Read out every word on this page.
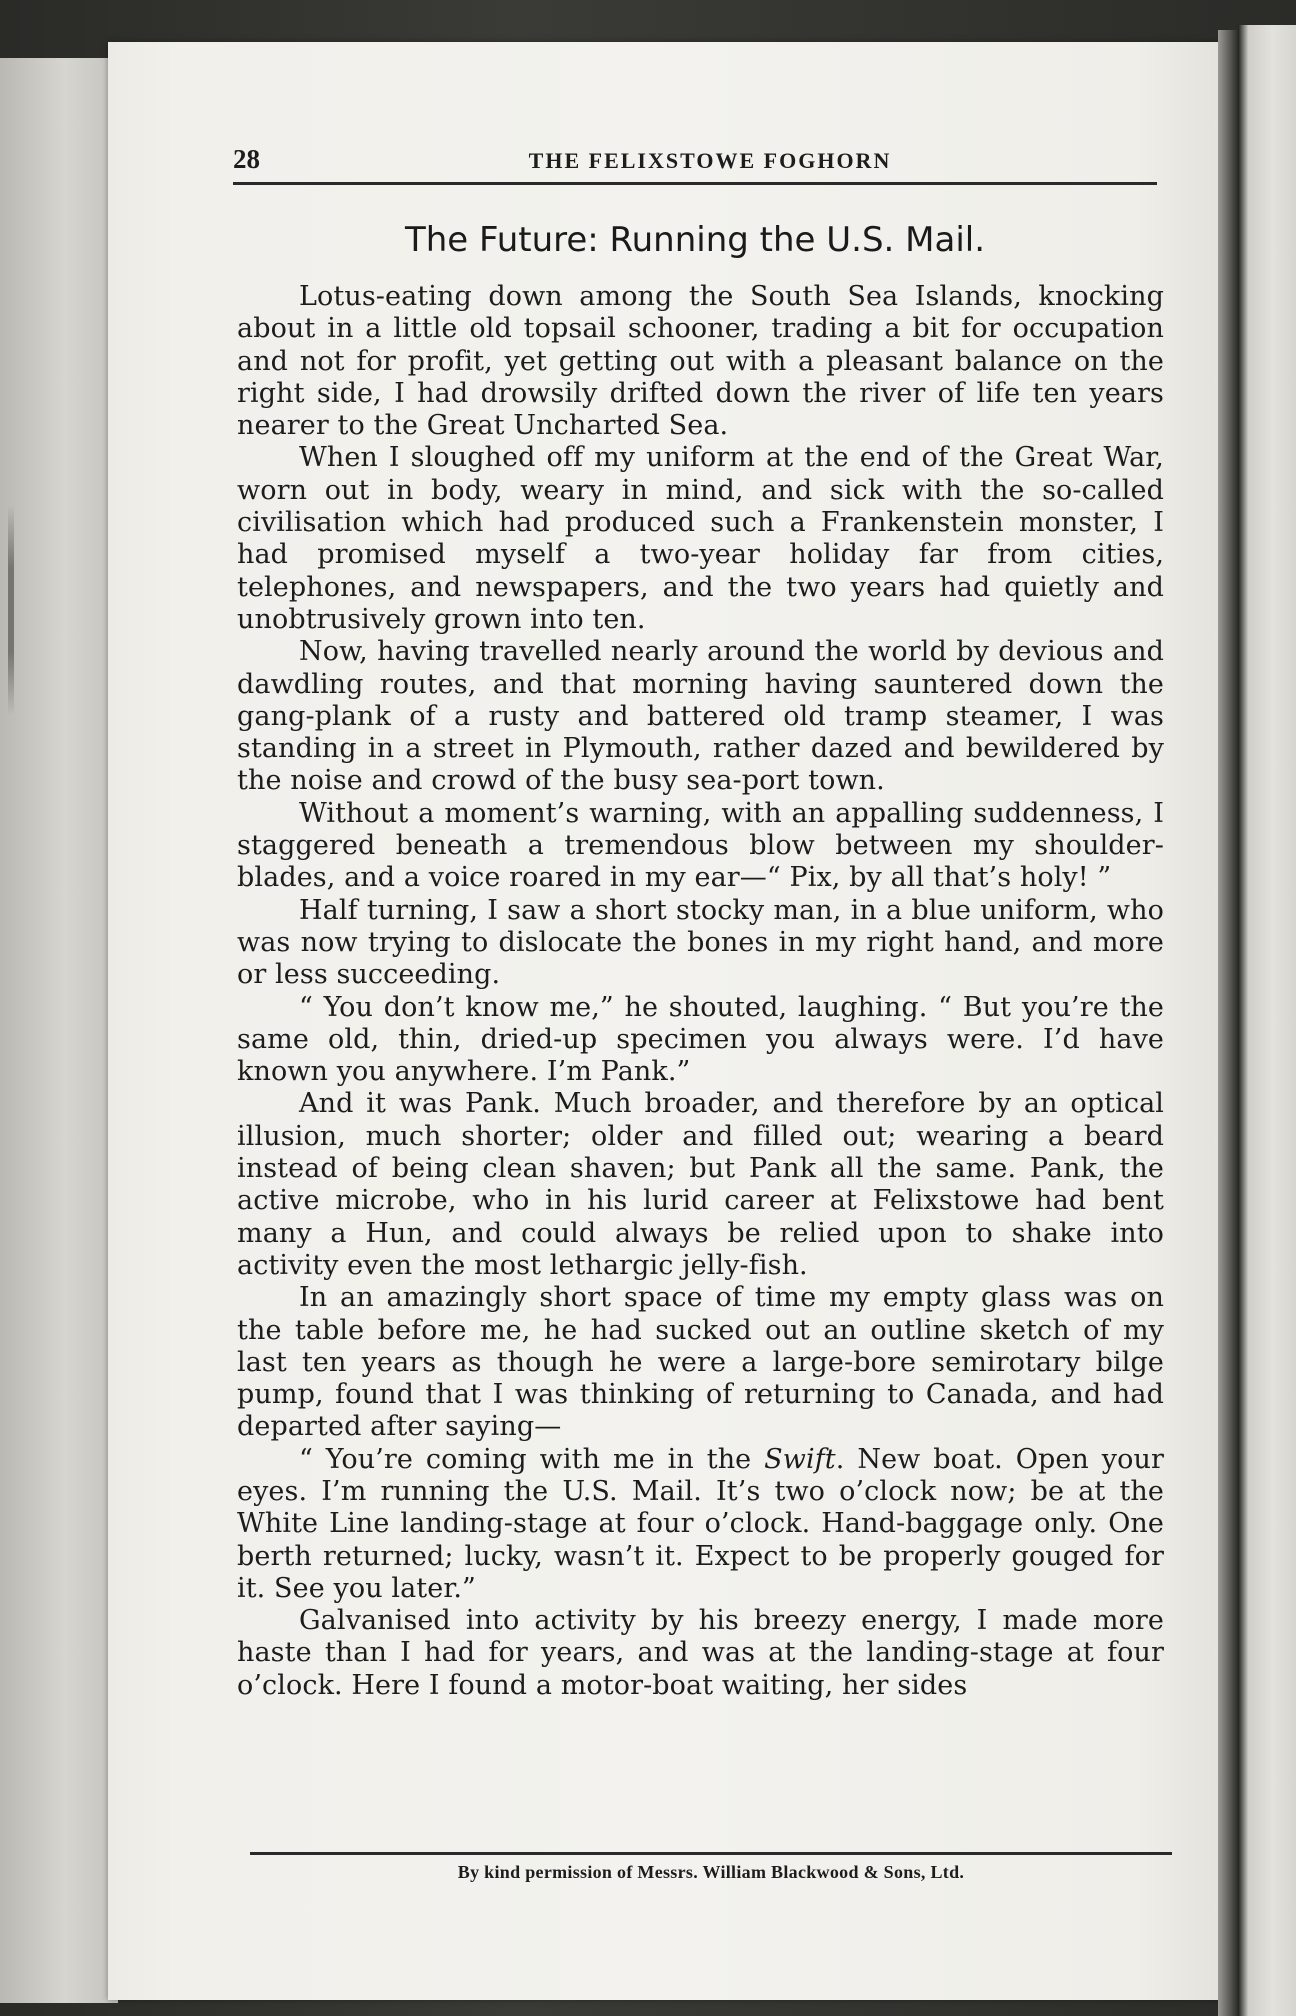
28	THE FELIXSTOWE FOGHORN
The Future: Running the U.S. Mail.

Lotus-eating down among the South Sea Islands, knocking about in a little old topsail schooner, trading a bit for occupation and not for profit, yet getting out with a pleasant balance on the right side, I had drowsily drifted down the river of life ten years nearer to the Great Uncharted Sea.

When I sloughed off my uniform at the end of the Great War, worn out in body, weary in mind, and sick with the so-called civilisation which had produced such a Frankenstein monster, I had promised myself a two-year holiday far from cities, telephones, and newspapers, and the two years had quietly and unobtrusively grown into ten.

Now, having travelled nearly around the world by devious and dawdling routes, and that morning having sauntered down the gang-plank of a rusty and battered old tramp steamer, I was standing in a street in Plymouth, rather dazed and bewildered by the noise and crowd of the busy sea-port town.

Without a moment’s warning, with an appalling suddenness, I staggered beneath a tremendous blow between my shoulder-blades, and a voice roared in my ear—“ Pix, by all that’s holy! ”

Half turning, I saw a short stocky man, in a blue uniform, who was now trying to dislocate the bones in my right hand, and more or less succeeding.

“ You don’t know me,” he shouted, laughing. “ But you’re the same old, thin, dried-up specimen you always were. I’d have known you anywhere. I’m Pank.”

And it was Pank. Much broader, and therefore by an optical illusion, much shorter; older and filled out; wearing a beard instead of being clean shaven; but Pank all the same. Pank, the active microbe, who in his lurid career at Felixstowe had bent many a Hun, and could always be relied upon to shake into activity even the most lethargic jelly-fish.

In an amazingly short space of time my empty glass was on the table before me, he had sucked out an outline sketch of my last ten years as though he were a large-bore semirotary bilge pump, found that I was thinking of returning to Canada, and had departed after saying—

“ You’re coming with me in the Swift. New boat. Open your eyes. I’m running the U.S. Mail. It’s two o’clock now; be at the White Line landing-stage at four o’clock. Hand-baggage only. One berth returned; lucky, wasn’t it. Expect to be properly gouged for it. See you later.”

Galvanised into activity by his breezy energy, I made more haste than I had for years, and was at the landing-stage at four o’clock. Here I found a motor-boat waiting, her sides

By kind permission of Messrs. William Blackwood & Sons, Ltd.
